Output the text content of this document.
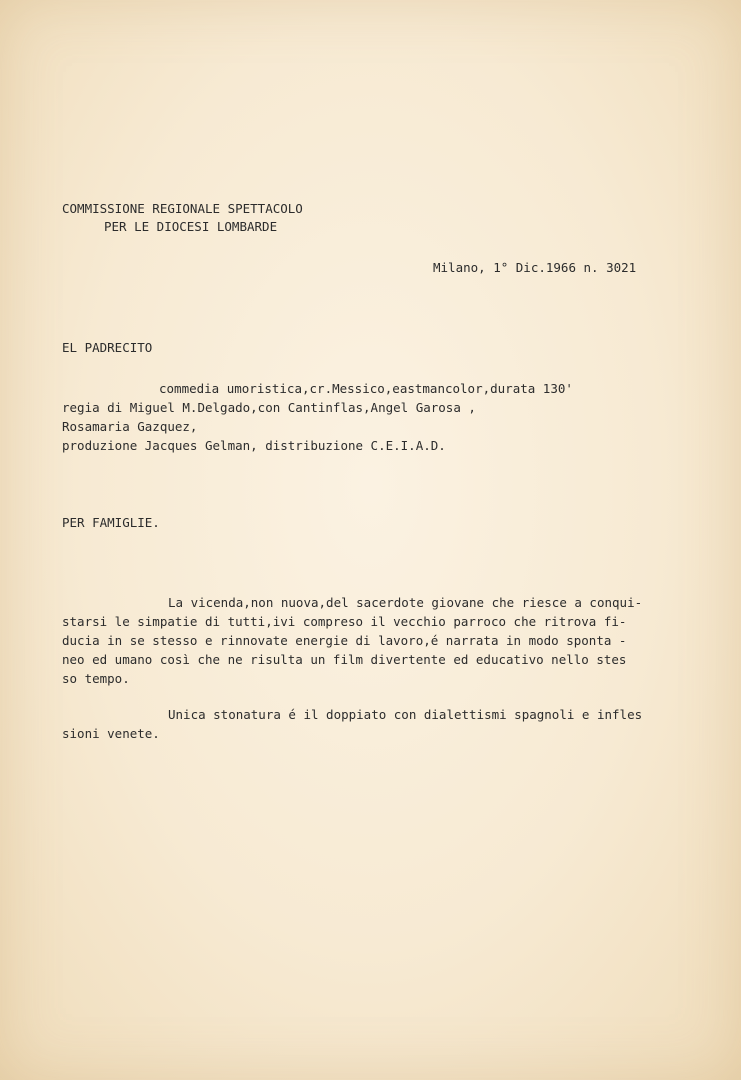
COMMISSIONE REGIONALE SPETTACOLO
PER LE DIOCESI LOMBARDE
Milano, 1° Dic.1966 n. 3021
EL PADRECITO
commedia umoristica,cr.Messico,eastmancolor,durata 130'
regia di Miguel M.Delgado,con Cantinflas,Angel Garosa ,
Rosamaria Gazquez,
produzione Jacques Gelman, distribuzione C.E.I.A.D.
PER FAMIGLIE.
La vicenda,non nuova,del sacerdote giovane che riesce a conqui-
starsi le simpatie di tutti,ivi compreso il vecchio parroco che ritrova fi-
ducia in se stesso e rinnovate energie di lavoro,é narrata in modo sponta -
neo ed umano così che ne risulta un film divertente ed educativo nello stes
so tempo.
Unica stonatura é il doppiato con dialettismi spagnoli e infles
sioni venete.
